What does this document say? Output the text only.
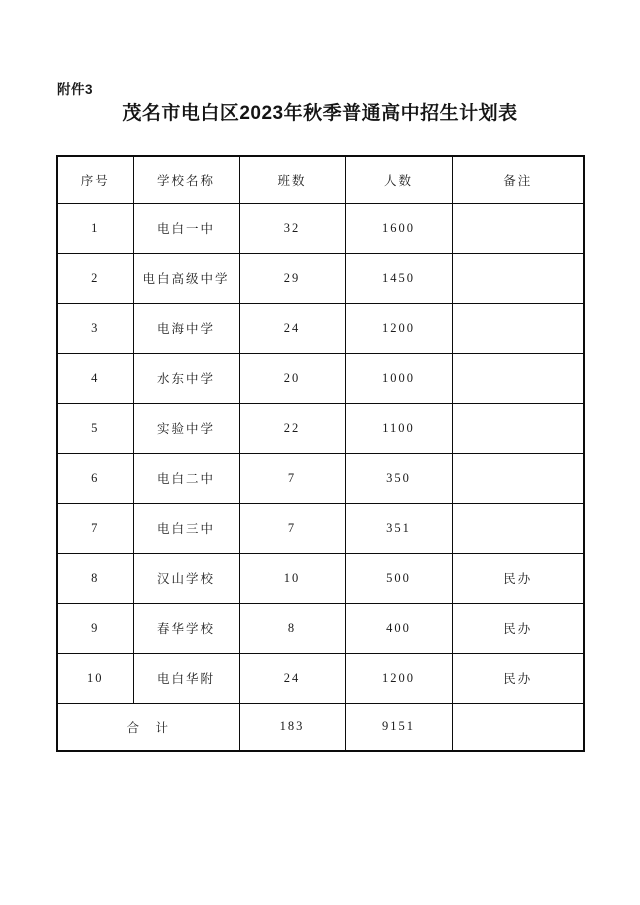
附件3
茂名市电白区2023年秋季普通高中招生计划表
序号	学校名称	班数	人数	备注
1	电白一中	32	1600	
2	电白高级中学	29	1450	
3	电海中学	24	1200	
4	水东中学	20	1000	
5	实验中学	22	1100	
6	电白二中	7	350	
7	电白三中	7	351	
8	汉山学校	10	500	民办
9	春华学校	8	400	民办
10	电白华附	24	1200	民办
合　计		183	9151	
